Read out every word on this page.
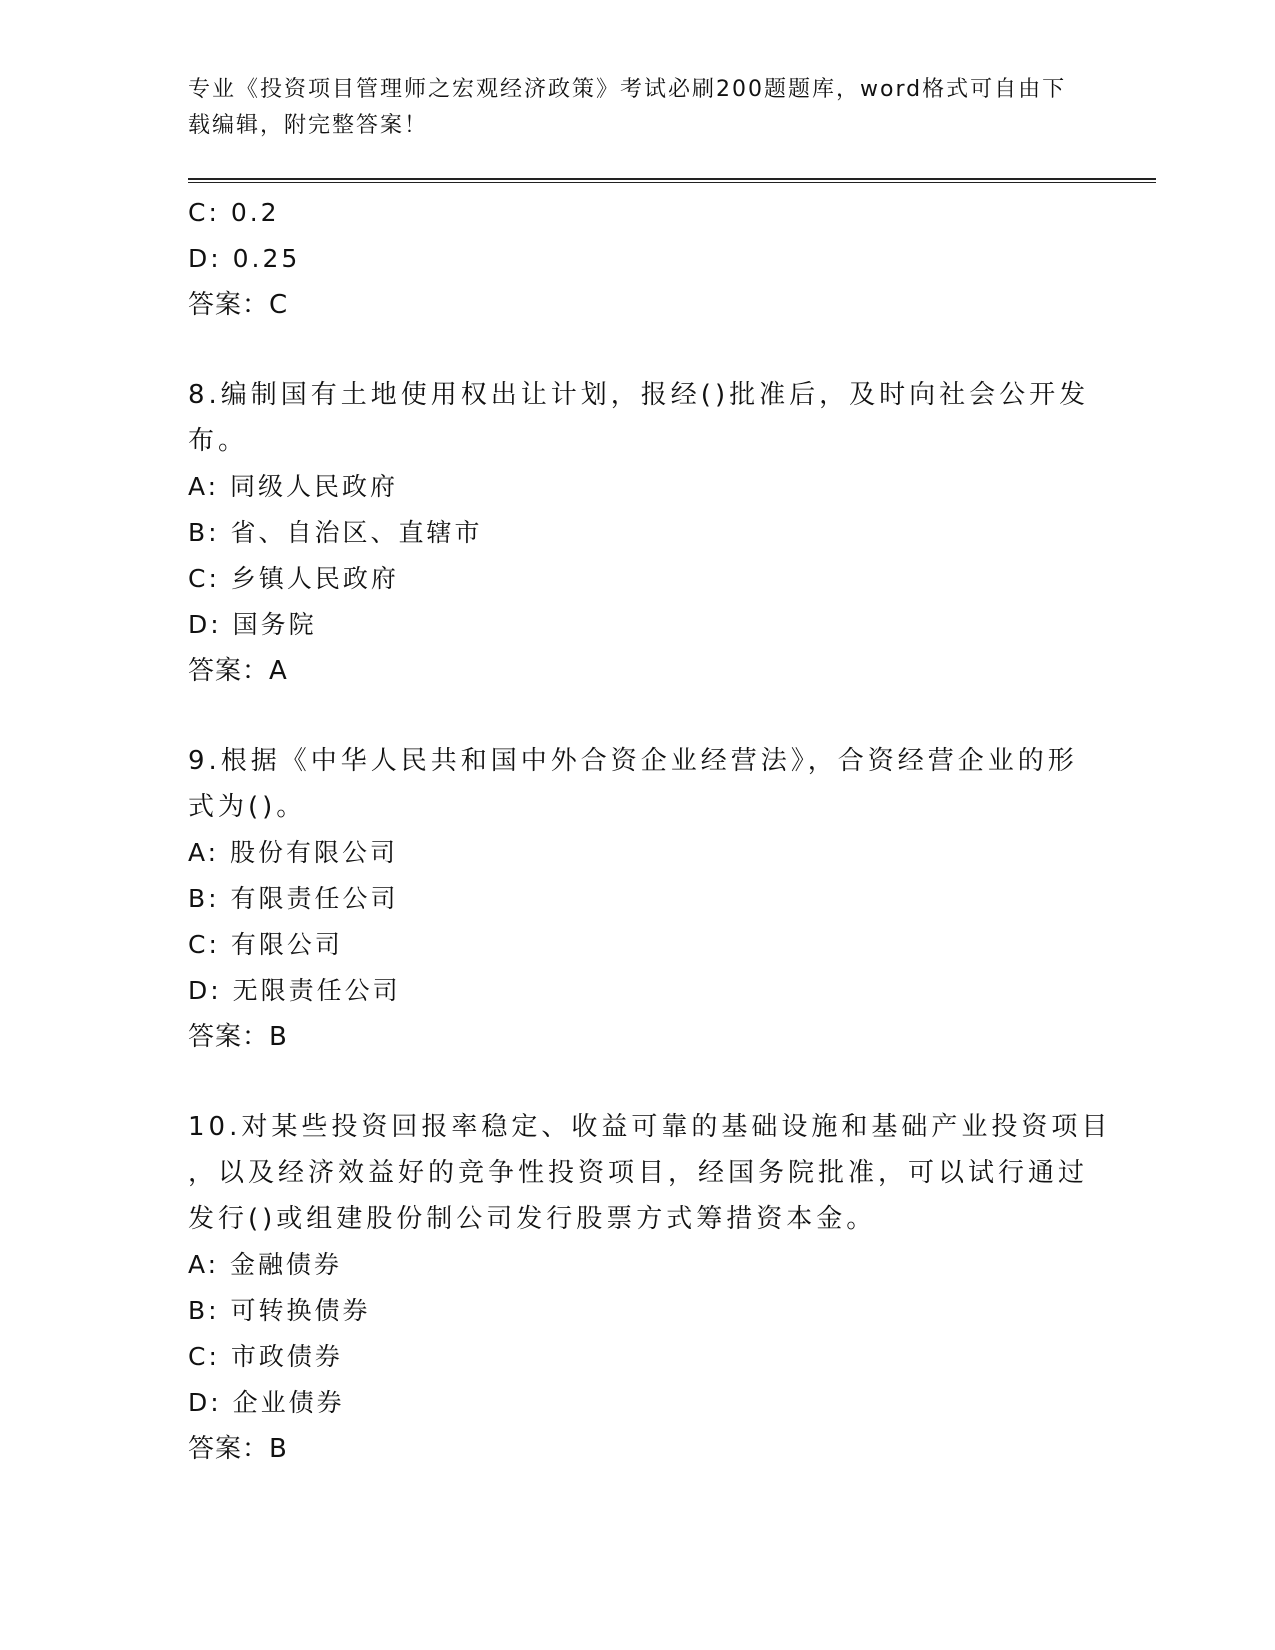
专业《投资项目管理师之宏观经济政策》考试必刷200题题库，word格式可自由下载编辑，附完整答案！
C: 0.2
D: 0.25
答案：C
8.编制国有土地使用权出让计划，报经()批准后，及时向社会公开发
布。
A: 同级人民政府
B: 省、自治区、直辖市
C: 乡镇人民政府
D: 国务院
答案：A
9.根据《中华人民共和国中外合资企业经营法》，合资经营企业的形
式为()。
A: 股份有限公司
B: 有限责任公司
C: 有限公司
D: 无限责任公司
答案：B
10.对某些投资回报率稳定、收益可靠的基础设施和基础产业投资项目
，以及经济效益好的竞争性投资项目，经国务院批准，可以试行通过
发行()或组建股份制公司发行股票方式筹措资本金。
A: 金融债券
B: 可转换债券
C: 市政债券
D: 企业债券
答案：B
